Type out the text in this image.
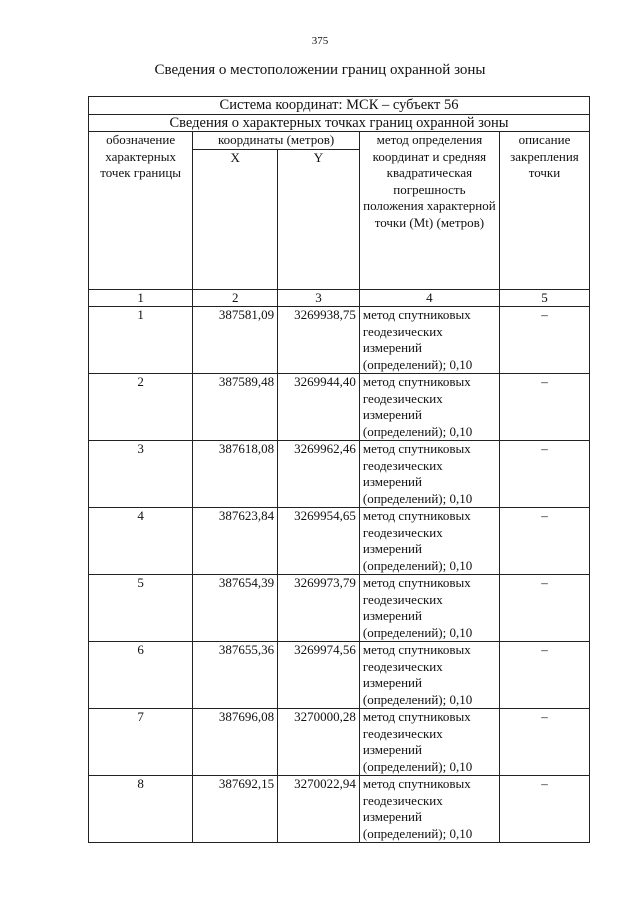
375
Сведения о местоположении границ охранной зоны
Система координат: МСК – субъект 56				
Сведения о характерных точках границ охранной зоны				
обозначение характерных точек границы	координаты (метров)		метод определения координат и средняя квадратическая погрешность положения характерной точки (Mt) (метров)	описание закрепления точки
	X	Y		
1	2	3	4	5
1	387581,09	3269938,75	метод спутниковых геодезических измерений (определений); 0,10	–
2	387589,48	3269944,40	метод спутниковых геодезических измерений (определений); 0,10	–
3	387618,08	3269962,46	метод спутниковых геодезических измерений (определений); 0,10	–
4	387623,84	3269954,65	метод спутниковых геодезических измерений (определений); 0,10	–
5	387654,39	3269973,79	метод спутниковых геодезических измерений (определений); 0,10	–
6	387655,36	3269974,56	метод спутниковых геодезических измерений (определений); 0,10	–
7	387696,08	3270000,28	метод спутниковых геодезических измерений (определений); 0,10	–
8	387692,15	3270022,94	метод спутниковых геодезических измерений (определений); 0,10	–
